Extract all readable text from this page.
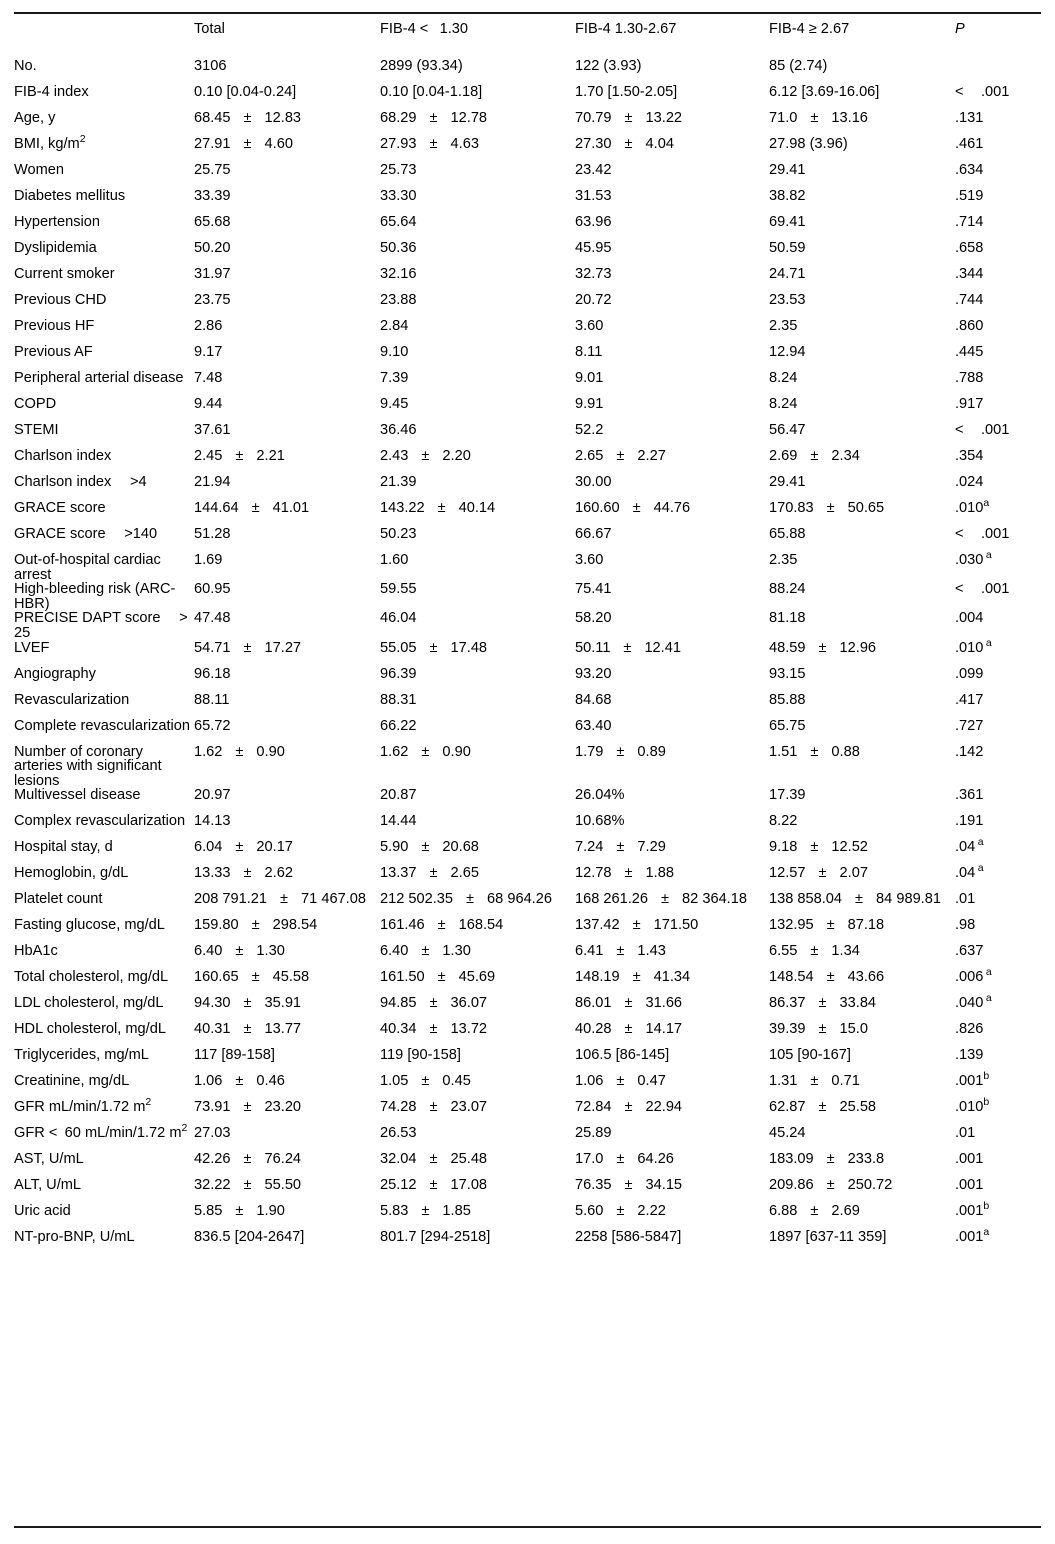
	Total	FIB-4 <  1.30	FIB-4 1.30-2.67	FIB-4 ≥ 2.67	P
No.	3106	2899 (93.34)	122 (3.93)	85 (2.74)	

FIB-4 index	0.10 [0.04-0.24]	0.10 [0.04-1.18]	1.70 [1.50-2.05]	6.12 [3.69-16.06]	< .001
Age, y	68.45 ± 12.83	68.29 ± 12.78	70.79 ± 13.22	71.0 ± 13.16	.131
BMI, $kg/m^2$	27.91 ± 4.60	27.93 ± 4.63	27.30 ± 4.04	27.98 (3.96)	.461
Women	25.75	25.73	23.42	29.41	.634
Diabetes mellitus	33.39	33.30	31.53	38.82	.519
Hypertension	65.68	65.64	63.96	69.41	.714
Dyslipidemia	50.20	50.36	45.95	50.59	.658
Current smoker	31.97	32.16	32.73	24.71	.344
Previous CHD	23.75	23.88	20.72	23.53	.744
Previous HF	2.86	2.84	3.60	2.35	.860
Previous AF	9.17	9.10	8.11	12.94	.445
Peripheral arterial disease	7.48	7.39	9.01	8.24	.788
COPD	9.44	9.45	9.91	8.24	.917
STEMI	37.61	36.46	52.2	56.47	< .001
Charlson index	2.45 ± 2.21	2.43 ± 2.20	2.65 ± 2.27	2.69 ± 2.34	.354
Charlson index >4	21.94	21.39	30.00	29.41	.024
GRACE score	144.64 ± 41.01	143.22 ± 40.14	160.60 ± 44.76	170.83 ± 50.65	.010$^a$
GRACE score >140	51.28	50.23	66.67	65.88	< .001
Out-of-hospital cardiac arrest	1.69	1.60	3.60	2.35	.030 $^a$
High-bleeding risk (ARC-HBR)	60.95	59.55	75.41	88.24	< .001
PRECISE DAPT score >25	47.48	46.04	58.20	81.18	.004
LVEF	54.71 ± 17.27	55.05 ± 17.48	50.11 ± 12.41	48.59 ± 12.96	.010 $^a$
Angiography	96.18	96.39	93.20	93.15	.099
Revascularization	88.11	88.31	84.68	85.88	.417
Complete revascularization	65.72	66.22	63.40	65.75	.727
Number of coronary arteries with significant lesions	1.62 ± 0.90	1.62 ± 0.90	1.79 ± 0.89	1.51 ± 0.88	.142
Multivessel disease	20.97	20.87	26.04%	17.39	.361
Complex revascularization	14.13	14.44	10.68%	8.22	.191
Hospital stay, d	6.04 ± 20.17	5.90 ± 20.68	7.24 ± 7.29	9.18 ± 12.52	.04 $^a$
Hemoglobin, g/dL	13.33 ± 2.62	13.37 ± 2.65	12.78 ± 1.88	12.57 ± 2.07	.04 $^a$
Platelet count	208 791.21 ± 71 467.08	212 502.35 ± 68 964.26	168 261.26 ± 82 364.18	138 858.04 ± 84 989.81	.01
Fasting glucose, mg/dL	159.80 ± 298.54	161.46 ± 168.54	137.42 ± 171.50	132.95 ± 87.18	.98
HbA1c	6.40 ± 1.30	6.40 ± 1.30	6.41 ± 1.43	6.55 ± 1.34	.637
Total cholesterol, mg/dL	160.65 ± 45.58	161.50 ± 45.69	148.19 ± 41.34	148.54 ± 43.66	.006 $^a$
LDL cholesterol, mg/dL	94.30 ± 35.91	94.85 ± 36.07	86.01 ± 31.66	86.37 ± 33.84	.040 $^a$
HDL cholesterol, mg/dL	40.31 ± 13.77	40.34 ± 13.72	40.28 ± 14.17	39.39 ± 15.0	.826
Triglycerides, mg/mL	117 [89-158]	119 [90-158]	106.5 [86-145]	105 [90-167]	.139
Creatinine, mg/dL	1.06 ± 0.46	1.05 ± 0.45	1.06 ± 0.47	1.31 ± 0.71	.001$^b$
GFR mL/min/1.72 $m^2$	73.91 ± 23.20	74.28 ± 23.07	72.84 ± 22.94	62.87 ± 25.58	.010$^b$
GFR < 60 mL/min/1.72 $m^2$	27.03	26.53	25.89	45.24	.01
AST, U/mL	42.26 ± 76.24	32.04 ± 25.48	17.0 ± 64.26	183.09 ± 233.8	.001
ALT, U/mL	32.22 ± 55.50	25.12 ± 17.08	76.35 ± 34.15	209.86 ± 250.72	.001
Uric acid	5.85 ± 1.90	5.83 ± 1.85	5.60 ± 2.22	6.88 ± 2.69	.001$^b$
NT-pro-BNP, U/mL	836.5 [204-2647]	801.7 [294-2518]	2258 [586-5847]	1897 [637-11 359]	.001$^a$
